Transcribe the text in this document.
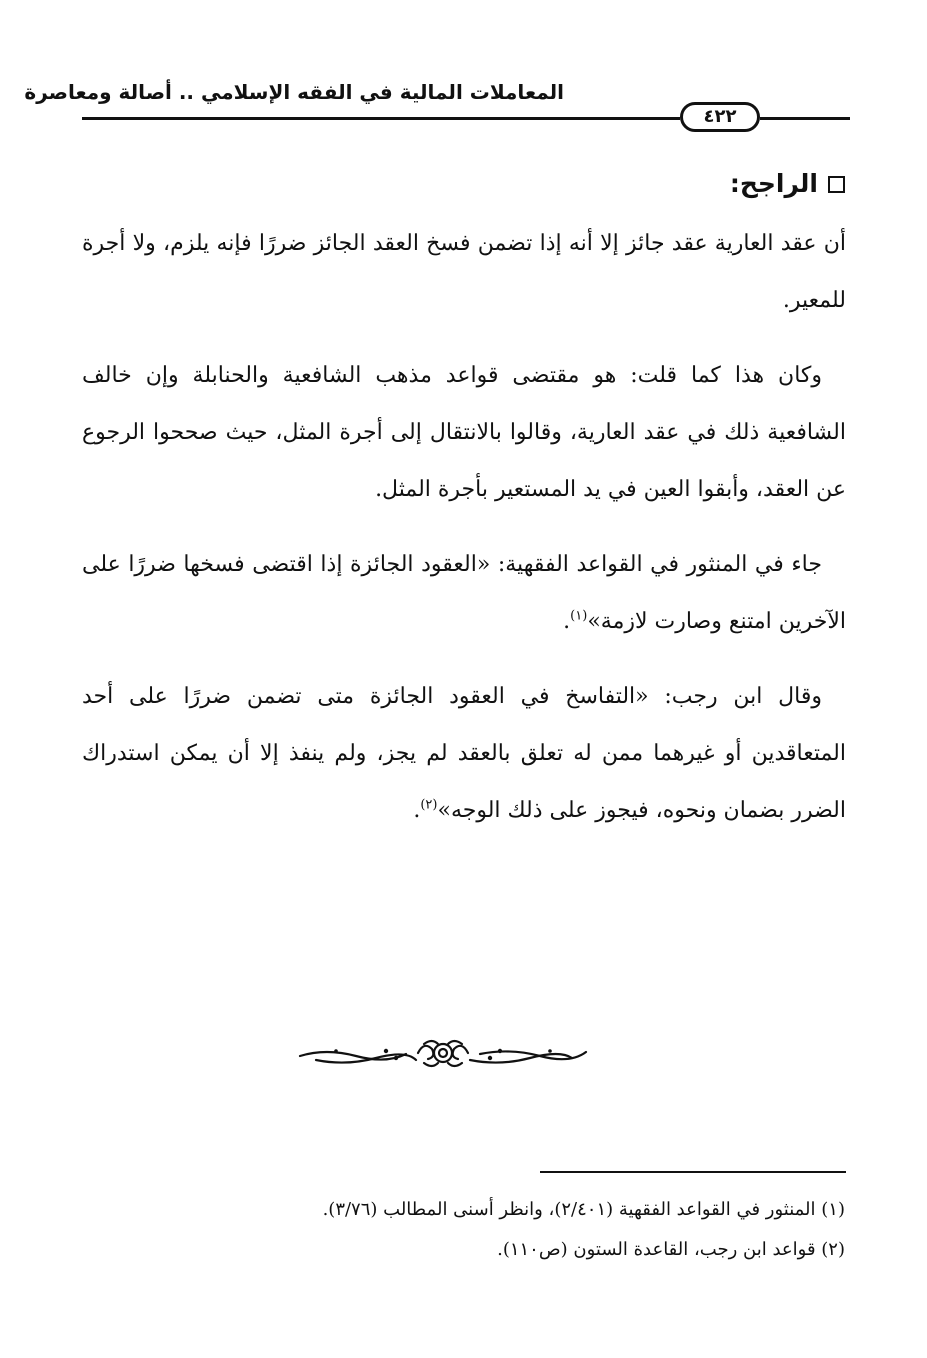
المعاملات المالية في الفقه الإسلامي .. أصالة ومعاصرة
٤٢٢
الراجح:

أن عقد العارية عقد جائز إلا أنه إذا تضمن فسخ العقد الجائز ضررًا فإنه يلزم، ولا أجرة للمعير.

وكان هذا كما قلت: هو مقتضى قواعد مذهب الشافعية والحنابلة وإن خالف الشافعية ذلك في عقد العارية، وقالوا بالانتقال إلى أجرة المثل، حيث صححوا الرجوع عن العقد، وأبقوا العين في يد المستعير بأجرة المثل.

جاء في المنثور في القواعد الفقهية: «العقود الجائزة إذا اقتضى فسخها ضررًا على الآخرين امتنع وصارت لازمة»$^{(١)}$.

وقال ابن رجب: «التفاسخ في العقود الجائزة متى تضمن ضررًا على أحد المتعاقدين أو غيرهما ممن له تعلق بالعقد لم يجز، ولم ينفذ إلا أن يمكن استدراك الضرر بضمان ونحوه، فيجوز على ذلك الوجه»$^{(٢)}$.

(١) المنثور في القواعد الفقهية (٢/٤٠١)، وانظر أسنى المطالب (٣/٧٦).
(٢) قواعد ابن رجب، القاعدة الستون (ص١١٠).
